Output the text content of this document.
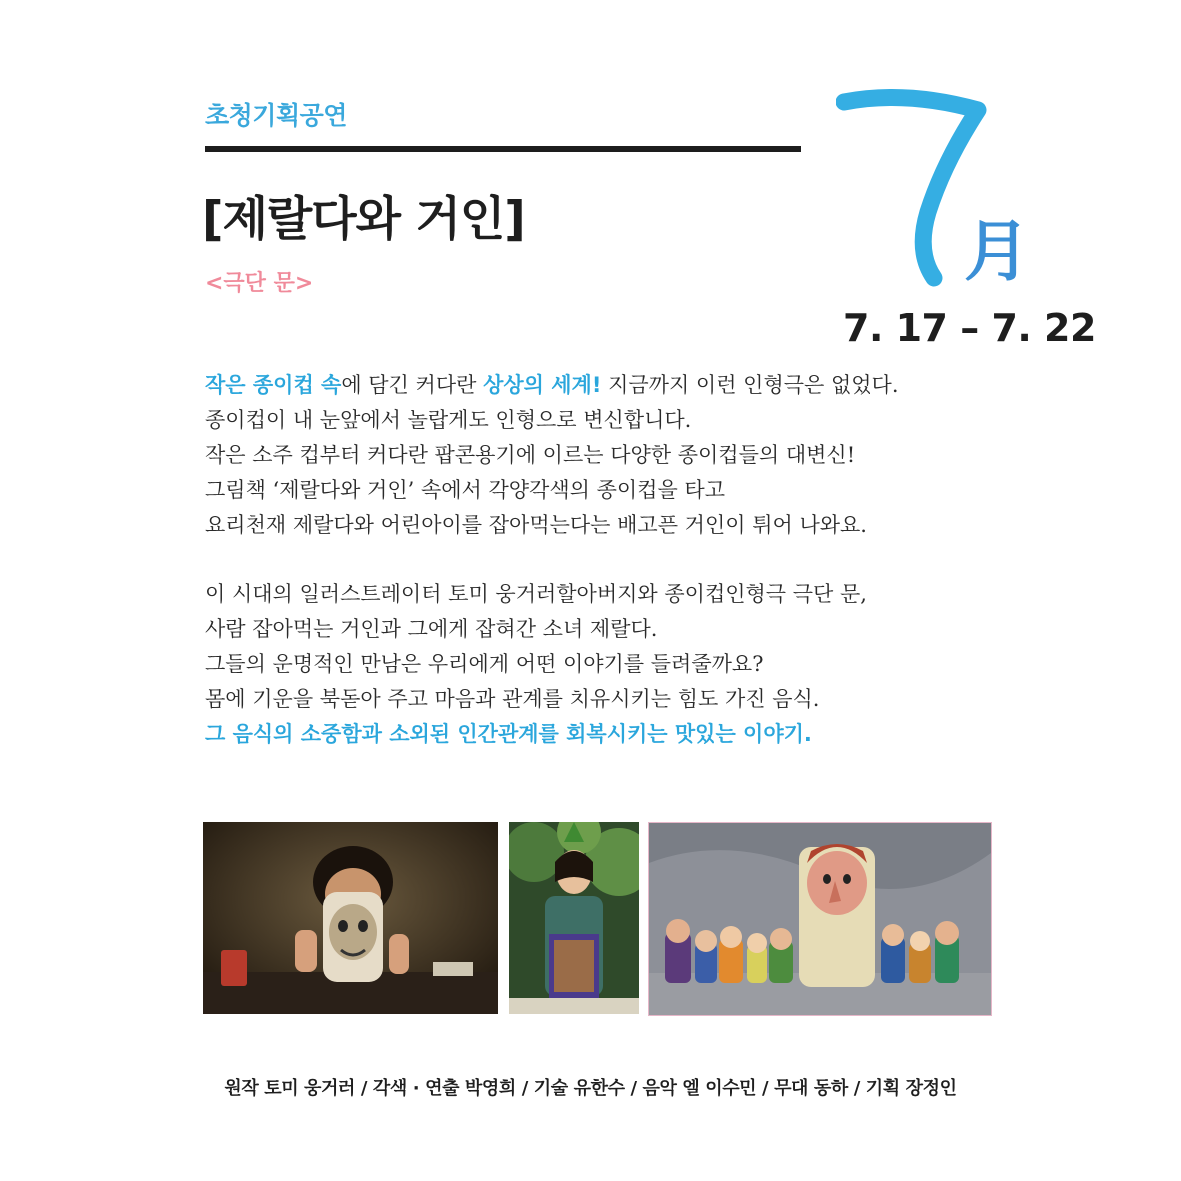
초청기획공연
[제랄다와 거인]
<극단 문>
7
月
7. 17 – 7. 22
작은 종이컵 속에 담긴 커다란 상상의 세계! 지금까지 이런 인형극은 없었다.
종이컵이 내 눈앞에서 놀랍게도 인형으로 변신합니다.
작은 소주 컵부터 커다란 팝콘용기에 이르는 다양한 종이컵들의 대변신!
그림책 ‘제랄다와 거인’ 속에서 각양각색의 종이컵을 타고
요리천재 제랄다와 어린아이를 잡아먹는다는 배고픈 거인이 튀어 나와요.
이 시대의 일러스트레이터 토미 웅거러할아버지와 종이컵인형극 극단 문,
사람 잡아먹는 거인과 그에게 잡혀간 소녀 제랄다.
그들의 운명적인 만남은 우리에게 어떤 이야기를 들려줄까요?
몸에 기운을 북돋아 주고 마음과 관계를 치유시키는 힘도 가진 음식.
그 음식의 소중함과 소외된 인간관계를 회복시키는 맛있는 이야기.
원작 토미 웅거러 / 각색 · 연출 박영희 / 기술 유한수 / 음악 엘 이수민 / 무대 동하 / 기획 장정인
